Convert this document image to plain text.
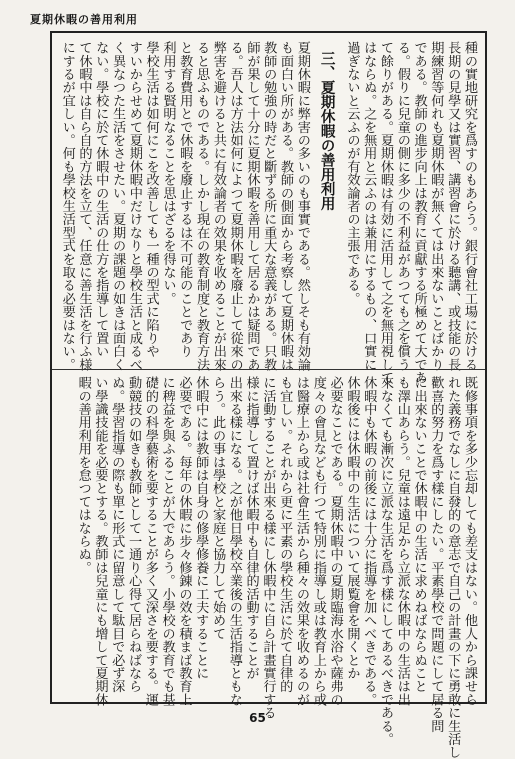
夏期休暇の善用利用

種の實地研究を爲すのもあらう。銀行會社工場に於ける
長期の見學又は實習、講習會に於ける聽講、或技能の長
期練習等何れも夏期休暇が無くては出來ないことばかり
である。教師の進步向上は教育に貢獻する所極めて大であ
る。假りに兒童の側に多少の不利益があつても之を償う
て餘りがある。夏期休暇は有効に活用して之を無用視して
はならぬ。之を無用と云ふのは兼用にするもの、口實に
過ぎないと云ふのが有效論者の主張である。

三、夏期休暇の善用利用

夏期休暇に弊害の多いのも事實である。然しそも有効論
も面白い所がある。教師の側面から考察して夏期休暇は
教師の勉強の時だと斷ずる所に重大な意義がある。只教
師が果して十分に夏期休暇を善用して居るかは疑問であ
る。吾人は方法如何によつて夏期休暇を廢止して從來の
弊害を避けると共に有效論者の效果を收めることが出來
ると思ふものである。しかし現在の教育制度と教育方法
と教育費用とで休暇を廢止するは不可能のことであり
利用する賢明なることを思はざるを得ない。

學校生活は如何にこを改善しても一種の型式に陷りや
すいからせめて夏期休暇中だけなりと學校生活と成るべ
く異なつた生活をさせたい。夏期の課題の如きは面白く
ない。學校に於て休暇中の生活の仕方を指導して置い
て休暇中は自ら自的方法を立て、任意に善生活を行ふ様
にするが宜しい。何も學校生活型式を取る必要はない。

既修事項を多少忘却しても差支はない。他人から課せら
れた義務でなしに自發的の意志で自己の計畫の下に勇敢に生活し
歡喜的努力を爲す樣にしたい。平素學校で問題にして居る問
に出來ないことで休暇中の生活に求めねばならぬこと
も澤山あらう。兒童は遠足から立派な休暇中の生活は出
來なくても漸次に立派な生活を爲す樣にしてあるべきである。
休暇中も休暇の前後には十分に指導を加へべきである。
休暇後には休暇中の生活について展覧會を開くとか

必要なことである。夏期休暇中の夏期臨海水浴や薩弗の
度々の會見なども行つて特別に指導し或は教育上から或
は醫療上から或は社會生活から種々の效果を收めるのが
も宜しい。それから更に平素の學校生活に於て自律的
に活動することが出來る樣にし休暇中に自ら計畫實行する
様に指導して置けば休暇中も自律的活動することが
出來る樣になる。之が他日學校卒業後の生活指導ともな
らう。此の事は學校と家庭と協力して始めて

休暇中には教師は自身の修學修養に工夫することに
必要である。每年の休暇に步々修錬の效を積まば教育上
に稗益を與ふることが大であらう。小學校の教育でも基
礎的の科學藝術を要することが多く又深さを要する。運
動競技の如きも教師として一通り心得て居らねばなら
ぬ。學習指導の際も單に形式に留意して駄目で必ず深
い學識技能を必要とする。教師は兒童にも增して夏期休
暇の善用利用を怠つてはならぬ。

65
